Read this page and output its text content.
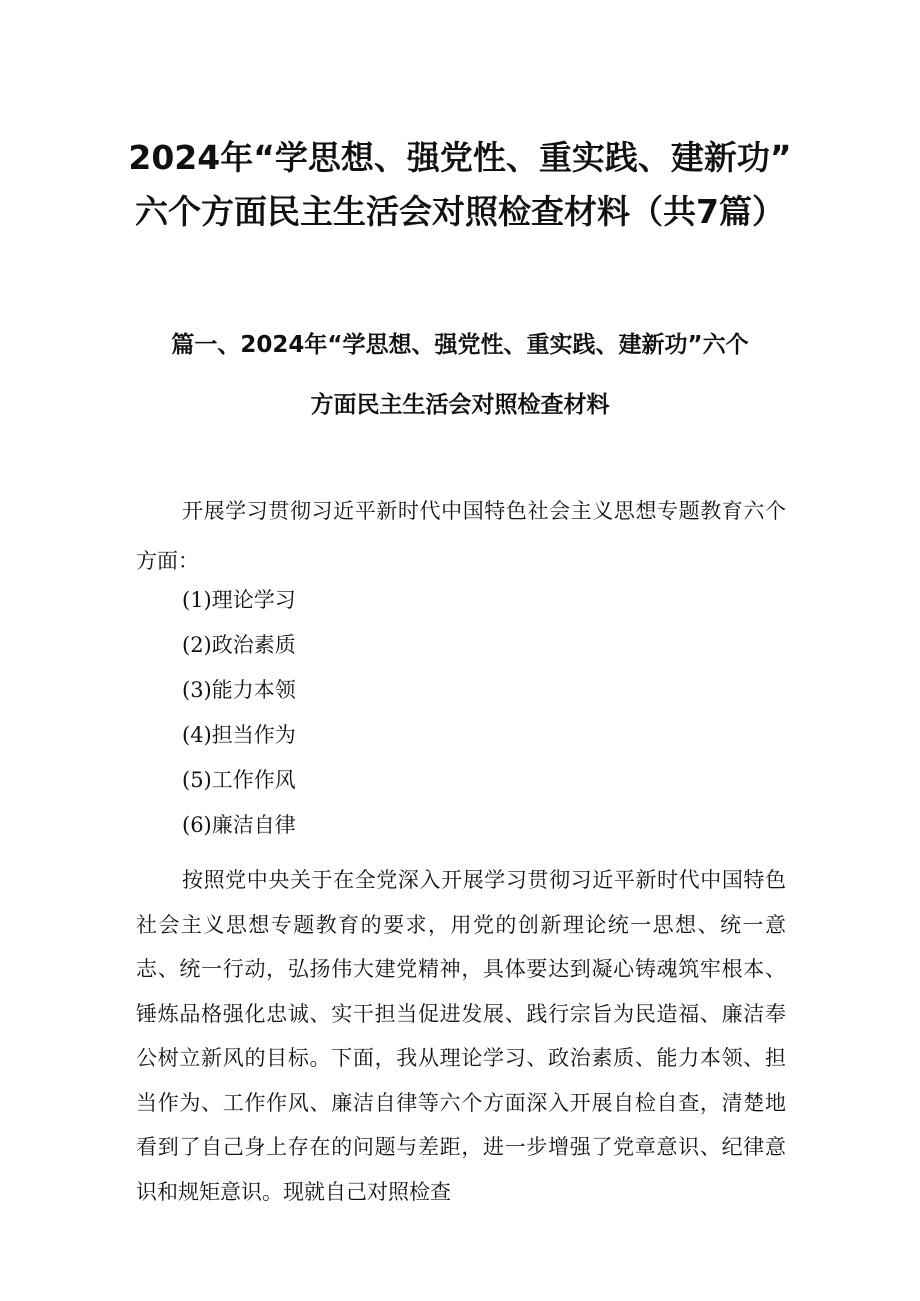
2024年“学思想、强党性、重实践、建新功”
六个方面民主生活会对照检查材料（共7篇）
篇一、2024年“学思想、强党性、重实践、建新功”六个
方面民主生活会对照检查材料
开展学习贯彻习近平新时代中国特色社会主义思想专题教育六个方面：
(1)理论学习
(2)政治素质
(3)能力本领
(4)担当作为
(5)工作作风
(6)廉洁自律
按照党中央关于在全党深入开展学习贯彻习近平新时代中国特色社会主义思想专题教育的要求，用党的创新理论统一思想、统一意志、统一行动，弘扬伟大建党精神，具体要达到凝心铸魂筑牢根本、锤炼品格强化忠诚、实干担当促进发展、践行宗旨为民造福、廉洁奉公树立新风的目标。下面，我从理论学习、政治素质、能力本领、担当作为、工作作风、廉洁自律等六个方面深入开展自检自查，清楚地看到了自己身上存在的问题与差距，进一步增强了党章意识、纪律意识和规矩意识。现就自己对照检查
